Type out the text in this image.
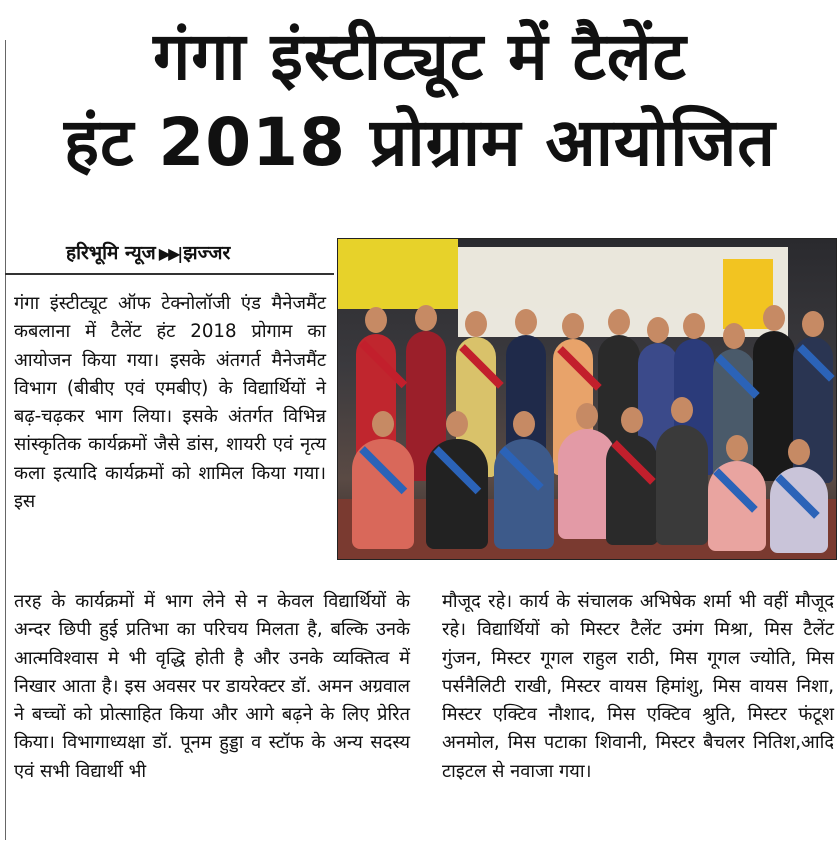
गंगा इंस्टीट्यूट में टैलेंट
हंट 2018 प्रोग्राम आयोजित
हरिभूमि न्यूज ▶▶| झज्जर
गंगा इंस्टीट्यूट ऑफ टेक्नोलॉजी एंड मैनेजमैंट कबलाना में टैलेंट हंट 2018 प्रोगाम का आयोजन किया गया। इसके अंतगर्त मैनेजमैंट विभाग (बीबीए एवं एमबीए) के विद्यार्थियों ने बढ़-चढ़कर भाग लिया। इसके अंतर्गत विभिन्न सांस्कृतिक कार्यक्रमों जैसे डांस, शायरी एवं नृत्य कला इत्यादि कार्यक्रमों को शामिल किया गया। इस
तरह के कार्यक्रमों में भाग लेने से न केवल विद्यार्थियों के अन्दर छिपी हुई प्रतिभा का परिचय मिलता है, बल्कि उनके आत्मविश्वास मे भी वृद्धि होती है और उनके व्यक्तित्व में निखार आता है। इस अवसर पर डायरेक्टर डॉ. अमन अग्रवाल ने बच्चों को प्रोत्साहित किया और आगे बढ़ने के लिए प्रेरित किया। विभागाध्यक्षा डॉ. पूनम हुड्डा व स्टॉफ के अन्य सदस्य एवं सभी विद्यार्थी भी
मौजूद रहे। कार्य के संचालक अभिषेक शर्मा भी वहीं मौजूद रहे। विद्यार्थियों को मिस्टर टैलेंट उमंग मिश्रा, मिस टैलेंट गुंजन, मिस्टर गूगल राहुल राठी, मिस गूगल ज्योति, मिस पर्सनैलिटी राखी, मिस्टर वायस हिमांशु, मिस वायस निशा, मिस्टर एक्टिव नौशाद, मिस एक्टिव श्रुति, मिस्टर फंटूश अनमोल, मिस पटाका शिवानी, मिस्टर बैचलर नितिश,आदि टाइटल से नवाजा गया।
